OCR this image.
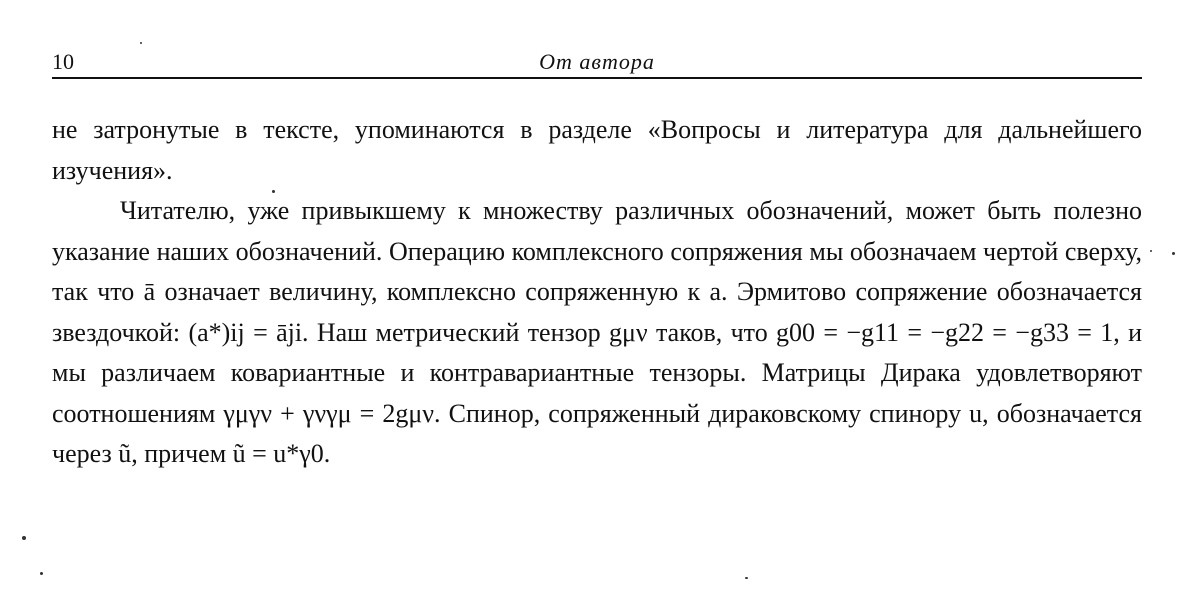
10	От автора

не затронутые в тексте, упоминаются в разделе «Вопросы и литература для дальнейшего изучения».

Читателю, уже привыкшему к множеству различных обозначений, может быть полезно указание наших обозначений. Операцию комплексного сопряжения мы обозначаем чертой сверху, так что ā означает величину, комплексно сопряженную к a. Эрмитово сопряжение обозначается звездочкой: (a*)ij = āji. Наш метрический тензор gμν таков, что g00 = −g11 = −g22 = −g33 = 1, и мы различаем ковариантные и контравариантные тензоры. Матрицы Дирака удовлетворяют соотношениям γμγν + γνγμ = 2gμν. Спинор, сопряженный дираковскому спинору u, обозначается через ũ, причем ũ = u*γ0.
